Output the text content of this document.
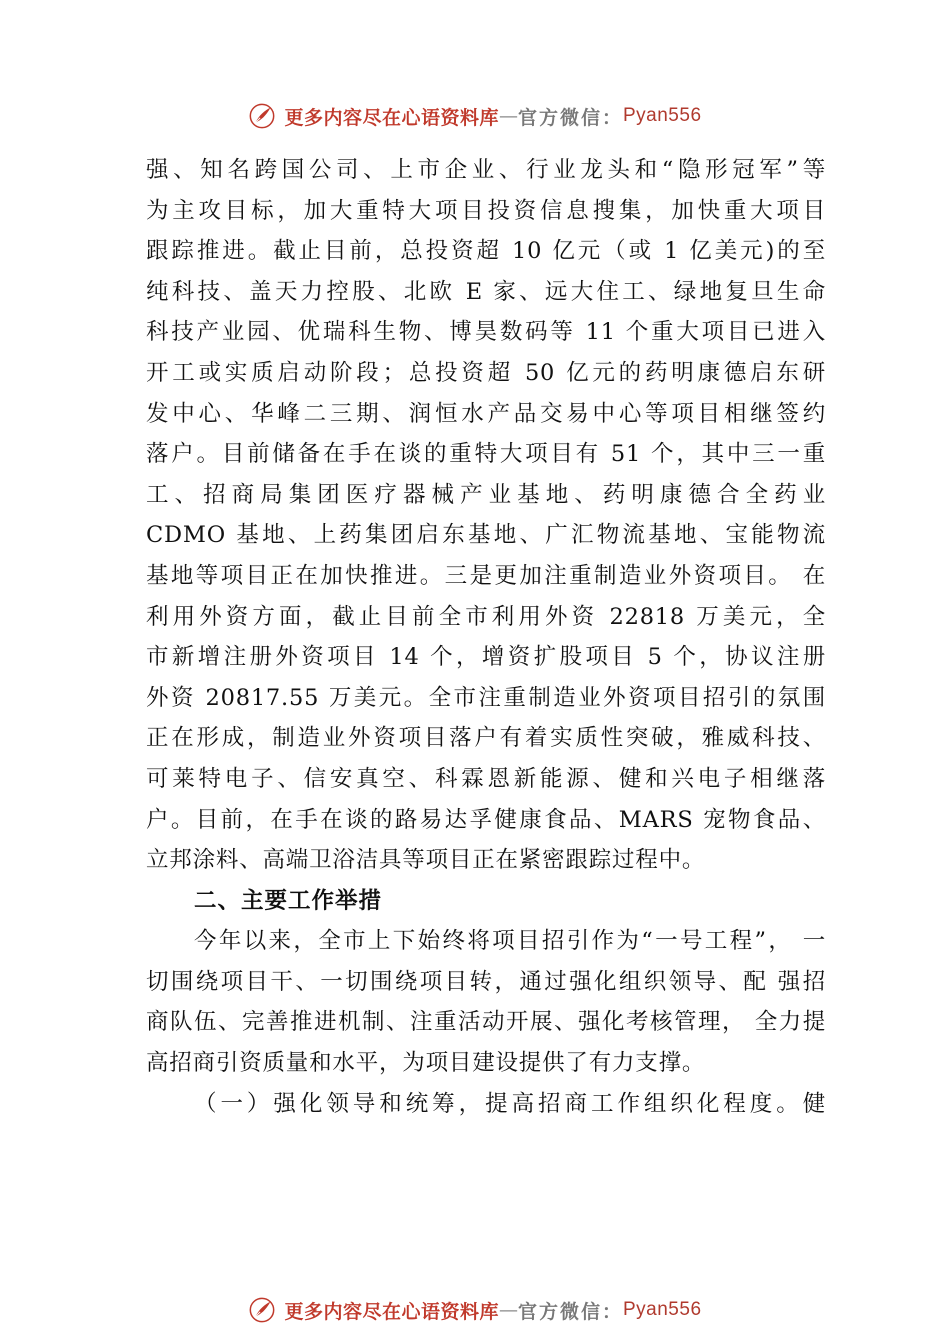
更多内容尽在心语资料库 — 官方微信： Pyan556
强、知名跨国公司、上市企业、行业龙头和“隐形冠军”等
为主攻目标，加大重特大项目投资信息搜集，加快重大项目
跟踪推进。截止目前，总投资超 10 亿元（或 1 亿美元)的至
纯科技、盖天力控股、北欧 E 家、远大住工、绿地复旦生命
科技产业园、优瑞科生物、博昊数码等 11 个重大项目已进入
开工或实质启动阶段；总投资超 50 亿元的药明康德启东研
发中心、华峰二三期、润恒水产品交易中心等项目相继签约
落户。目前储备在手在谈的重特大项目有 51 个，其中三一重
工、招商局集团医疗器械产业基地、药明康德合全药业
CDMO 基地、上药集团启东基地、广汇物流基地、宝能物流
基地等项目正在加快推进。三是更加注重制造业外资项目。 在
利用外资方面，截止目前全市利用外资 22818 万美元，全
市新增注册外资项目 14 个，增资扩股项目 5 个，协议注册
外资 20817.55 万美元。全市注重制造业外资项目招引的氛围
正在形成，制造业外资项目落户有着实质性突破，雅威科技、
可莱特电子、信安真空、科霖恩新能源、健和兴电子相继落
户。目前，在手在谈的路易达孚健康食品、MARS 宠物食品、
立邦涂料、高端卫浴洁具等项目正在紧密跟踪过程中。
二、主要工作举措
今年以来，全市上下始终将项目招引作为“一号工程”， 一
切围绕项目干、一切围绕项目转，通过强化组织领导、配 强招
商队伍、完善推进机制、注重活动开展、强化考核管理， 全力提
高招商引资质量和水平，为项目建设提供了有力支撑。
（一）强化领导和统筹，提高招商工作组织化程度。健
更多内容尽在心语资料库 — 官方微信： Pyan556
